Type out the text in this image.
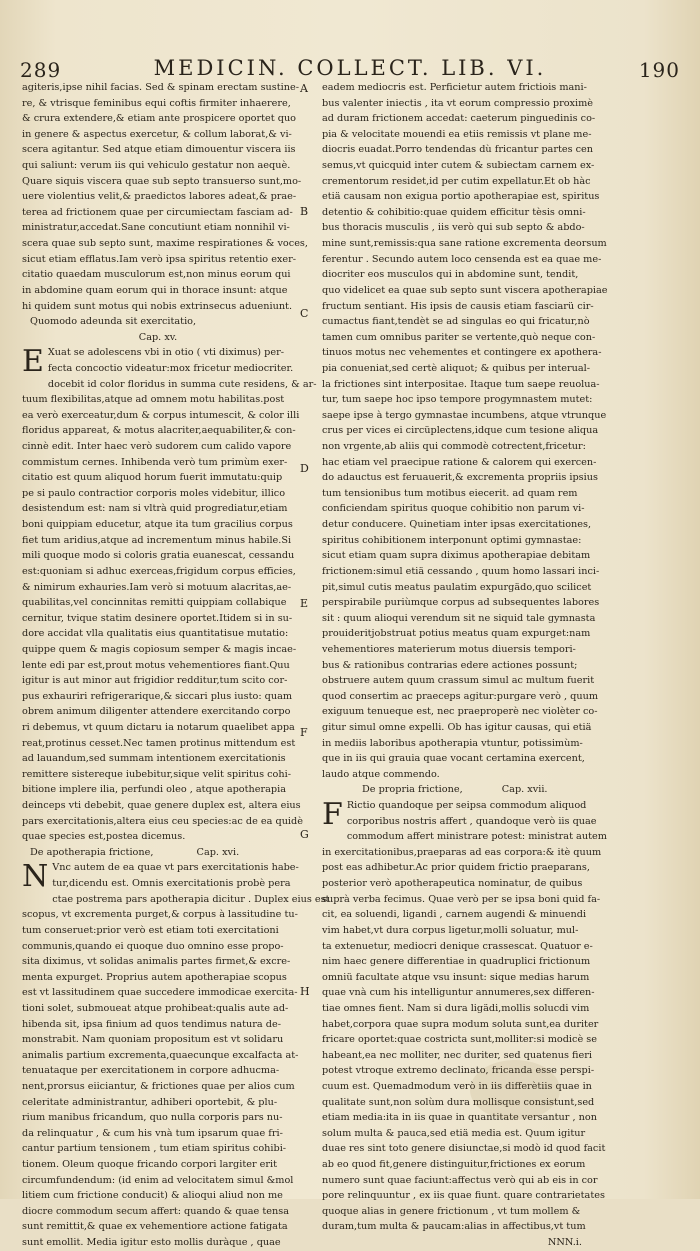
289	MEDICIN. COLLECT. LIB. VI.	190
agiteris,ipse nihil facias. Sed & spinam erectam sustine-
re, & vtrisque feminibus equi coftis firmiter inhaerere,
& crura extendere,& etiam ante prospicere oportet quo
in genere & aspectus exercetur, & collum laborat,& vi-
scera agitantur. Sed atque etiam dimouentur viscera iis
qui saliunt: verum iis qui vehiculo gestatur non aequè.
Quare siquis viscera quae sub septo transuerso sunt,mo-
uere violentius velit,& praedictos labores adeat,& prae-
terea ad frictionem quae per circumiectam fasciam ad-
ministratur,accedat.Sane concutiunt etiam nonnihil vi-
scera quae sub septo sunt, maxime respirationes & voces,
sicut etiam efflatus.Iam verò ipsa spiritus retentio exer-
citatio quaedam musculorum est,non minus eorum qui
in abdomine quam eorum qui in thorace insunt: atque
hi quidem sunt motus qui nobis extrinsecus adueniunt.
Quomodo adeunda sit exercitatio,
Cap. xv.
E Xuat se adolescens vbi in otio ( vti diximus) per-
fecta concoctio videatur:mox fricetur mediocriter.
docebit id color floridus in summa cute residens, & ar-
tuum flexibilitas,atque ad omnem motu habilitas.post
ea verò exerceatur,dum & corpus intumescit, & color illi
floridus appareat, & motus alacriter,aequabiliter,& con-
cinnè edit. Inter haec verò sudorem cum calido vapore
commistum cernes. Inhibenda verò tum primùm exer-
citatio est quum aliquod horum fuerit immutatu:quip
pe si paulo contractior corporis moles videbitur, illico
desistendum est: nam si vltrà quid progrediatur,etiam
boni quippiam educetur, atque ita tum gracilius corpus
fiet tum aridius,atque ad incrementum minus habile.Si
mili quoque modo si coloris gratia euanescat, cessandu
est:quoniam si adhuc exerceas,frigidum corpus efficies,
& nimirum exhauries.Iam verò si motuum alacritas,ae-
quabilitas,vel concinnitas remitti quippiam collabique
cernitur, tvique statim desinere oportet.Itidem si in su-
dore accidat vlla qualitatis eius quantitatisue mutatio:
quippe quem & magis copiosum semper & magis incae-
lente edi par est,prout motus vehementiores fiant.Quu
igitur is aut minor aut frigidior redditur,tum scito cor-
pus exhauriri refrigerarique,& siccari plus iusto: quam
obrem animum diligenter attendere exercitando corpo
ri debemus, vt quum dictaru ia notarum quaelibet appa
reat,protinus cesset.Nec tamen protinus mittendum est
ad lauandum,sed summam intentionem exercitationis
remittere sistereque iubebitur,sique velit spiritus cohi-
bitione implere ilia, perfundi oleo , atque apotherapia
deinceps vti debebit, quae genere duplex est, altera eius
pars exercitationis,altera eius ceu species:ac de ea quidè
quae species est,postea dicemus.
De apotherapia frictione,	Cap. xvi.
N Vnc autem de ea quae vt pars exercitationis habe-
tur,dicendu est. Omnis exercitationis probè pera
ctae postrema pars apotherapia dicitur . Duplex eius est
scopus, vt excrementa purget,& corpus à lassitudine tu-
tum conseruet:prior verò est etiam toti exercitationi
communis,quando ei quoque duo omnino esse propo-
sita diximus, vt solidas animalis partes firmet,& excre-
menta expurget. Proprius autem apotherapiae scopus
est vt lassitudinem quae succedere immodicae exercita-
tioni solet, submoueat atque prohibeat:qualis aute ad-
hibenda sit, ipsa finium ad quos tendimus natura de-
monstrabit. Nam quoniam propositum est vt solidaru
animalis partium excrementa,quaecunque excalfacta at-
tenuataque per exercitationem in corpore adhucma-
nent,prorsus eiiciantur, & frictiones quae per alios cum
celeritate administrantur, adhiberi oportebit, & plu-
rium manibus fricandum, quo nulla corporis pars nu-
da relinquatur , & cum his vnà tum ipsarum quae fri-
cantur partium tensionem , tum etiam spiritus cohibi-
tionem. Oleum quoque fricando corpori largiter erit
circumfundendum: (id enim ad velocitatem simul &mol
litiem cum frictione conducit) & alioqui aliud non me
diocre commodum secum affert: quando & quae tensa
sunt remittit,& quae ex vehementiore actione fatigata
sunt emollit. Media igitur esto mollis duràque , quae
eadem mediocris est. Perficietur autem frictiois mani-
bus valenter iniectis , ita vt eorum compressio proximè
ad duram frictionem accedat: caeterum pinguedinis co-
pia & velocitate mouendi ea etiis remissis vt plane me-
diocris euadat.Porro tendendas dù fricantur partes cen
semus,vt quicquid inter cutem & subiectam carnem ex-
crementorum residet,id per cutim expellatur.Et ob hàc
etiä causam non exigua portio apotherapiae est, spiritus
detentio & cohibitio:quae quidem efficitur tèsis omni-
bus thoracis musculis , iis verò qui sub septo & abdo-
mine sunt,remissis:qua sane ratione excrementa deorsum
ferentur . Secundo autem loco censenda est ea quae me-
diocriter eos musculos qui in abdomine sunt, tendit,
quo videlicet ea quae sub septo sunt viscera apotherapiae
fructum sentiant. His ipsis de causis etiam fasciarü cir-
cumactus fiant,tendèt se ad singulas eo qui fricatur,nò
tamen cum omnibus pariter se vertente,quò neque con-
tinuos motus nec vehementes et contingere ex apothera-
pia conueniat,sed certè aliquot; & quibus per interual-
la frictiones sint interpositae. Itaque tum saepe reuolua-
tur, tum saepe hoc ipso tempore progymnastem mutet:
saepe ipse à tergo gymnastae incumbens, atque vtrunque
crus per vices ei circüplectens,idque cum tesione aliqua
non vrgente,ab aliis qui commodè cotrectent,fricetur:
hac etiam vel praecipue ratione & calorem qui exercen-
do adauctus est feruauerit,& excrementa propriis ipsius
tum tensionibus tum motibus eiecerit. ad quam rem
conficiendam spiritus quoque cohibitio non parum vi-
detur conducere. Quinetiam inter ipsas exercitationes,
spiritus cohibitionem interponunt optimi gymnastae:
sicut etiam quam supra diximus apotherapiae debitam
frictionem:simul etiä cessando , quum homo lassari inci-
pit,simul cutis meatus paulatim expurgädo,quo scilicet
perspirabile puriùmque corpus ad subsequentes labores
sit : quum alioqui verendum sit ne siquid tale gymnasta
prouideritjobstruat potius meatus quam expurget:nam
vehementiores materierum motus diuersis tempori-
bus & rationibus contrarias edere actiones possunt;
obstruere autem quum crassum simul ac multum fuerit
quod consertim ac praeceps agitur:purgare verò , quum
exiguum tenueque est, nec praeproperè nec violèter co-
gitur simul omne expelli. Ob has igitur causas, qui etiä
in mediis laboribus apotherapia vtuntur, potissimùm-
que in iis qui grauia quae vocant certamina exercent,
laudo atque commendo.
De propria frictione,	Cap. xvii.
F Rictio quandoque per seipsa commodum aliquod
corporibus nostris affert , quandoque verò iis quae
commodum affert ministrare potest: ministrat autem
in exercitationibus,praeparas ad eas corpora:& itè quum
post eas adhibetur.Ac prior quidem frictio praeparans,
posterior verò apotherapeutica nominatur, de quibus
suprà verba fecimus. Quae verò per se ipsa boni quid fa-
cit, ea soluendi, ligandi , carnem augendi & minuendi
vim habet,vt dura corpus ligetur,molli soluatur, mul-
ta extenuetur, mediocri denique crassescat. Quatuor e-
nim haec genere differentiae in quadruplici frictionum
omniü facultate atque vsu insunt: sique medias harum
quae vnà cum his intelliguntur annumeres,sex differen-
tiae omnes fient. Nam si dura ligädi,mollis solucdi vim
habet,corpora quae supra modum soluta sunt,ea duriter
fricare oportet:quae costricta sunt,molliter:si modicè se
habeant,ea nec molliter, nec duriter, sed quatenus fieri
potest vtroque extremo declinato, fricanda esse perspi-
cuum est. Quemadmodum verò in iis differètiis quae in
qualitate sunt,non solùm dura mollisque consistunt,sed
etiam media:ita in iis quae in quantitate versantur , non
solum multa & pauca,sed etiä media est. Quum igitur
duae res sint toto genere disiunctae,si modò id quod facit
ab eo quod fit,genere distinguitur,frictiones ex eorum
numero sunt quae faciunt:affectus verò qui ab eis in cor
pore relinquuntur , ex iis quae fiunt. quare contrarietates
quoque alias in genere frictionum , vt tum mollem &
duram,tum multa & paucam:alias in affectibus,vt tum
NNN.i.
A
B
C
D
E
F
G
H
